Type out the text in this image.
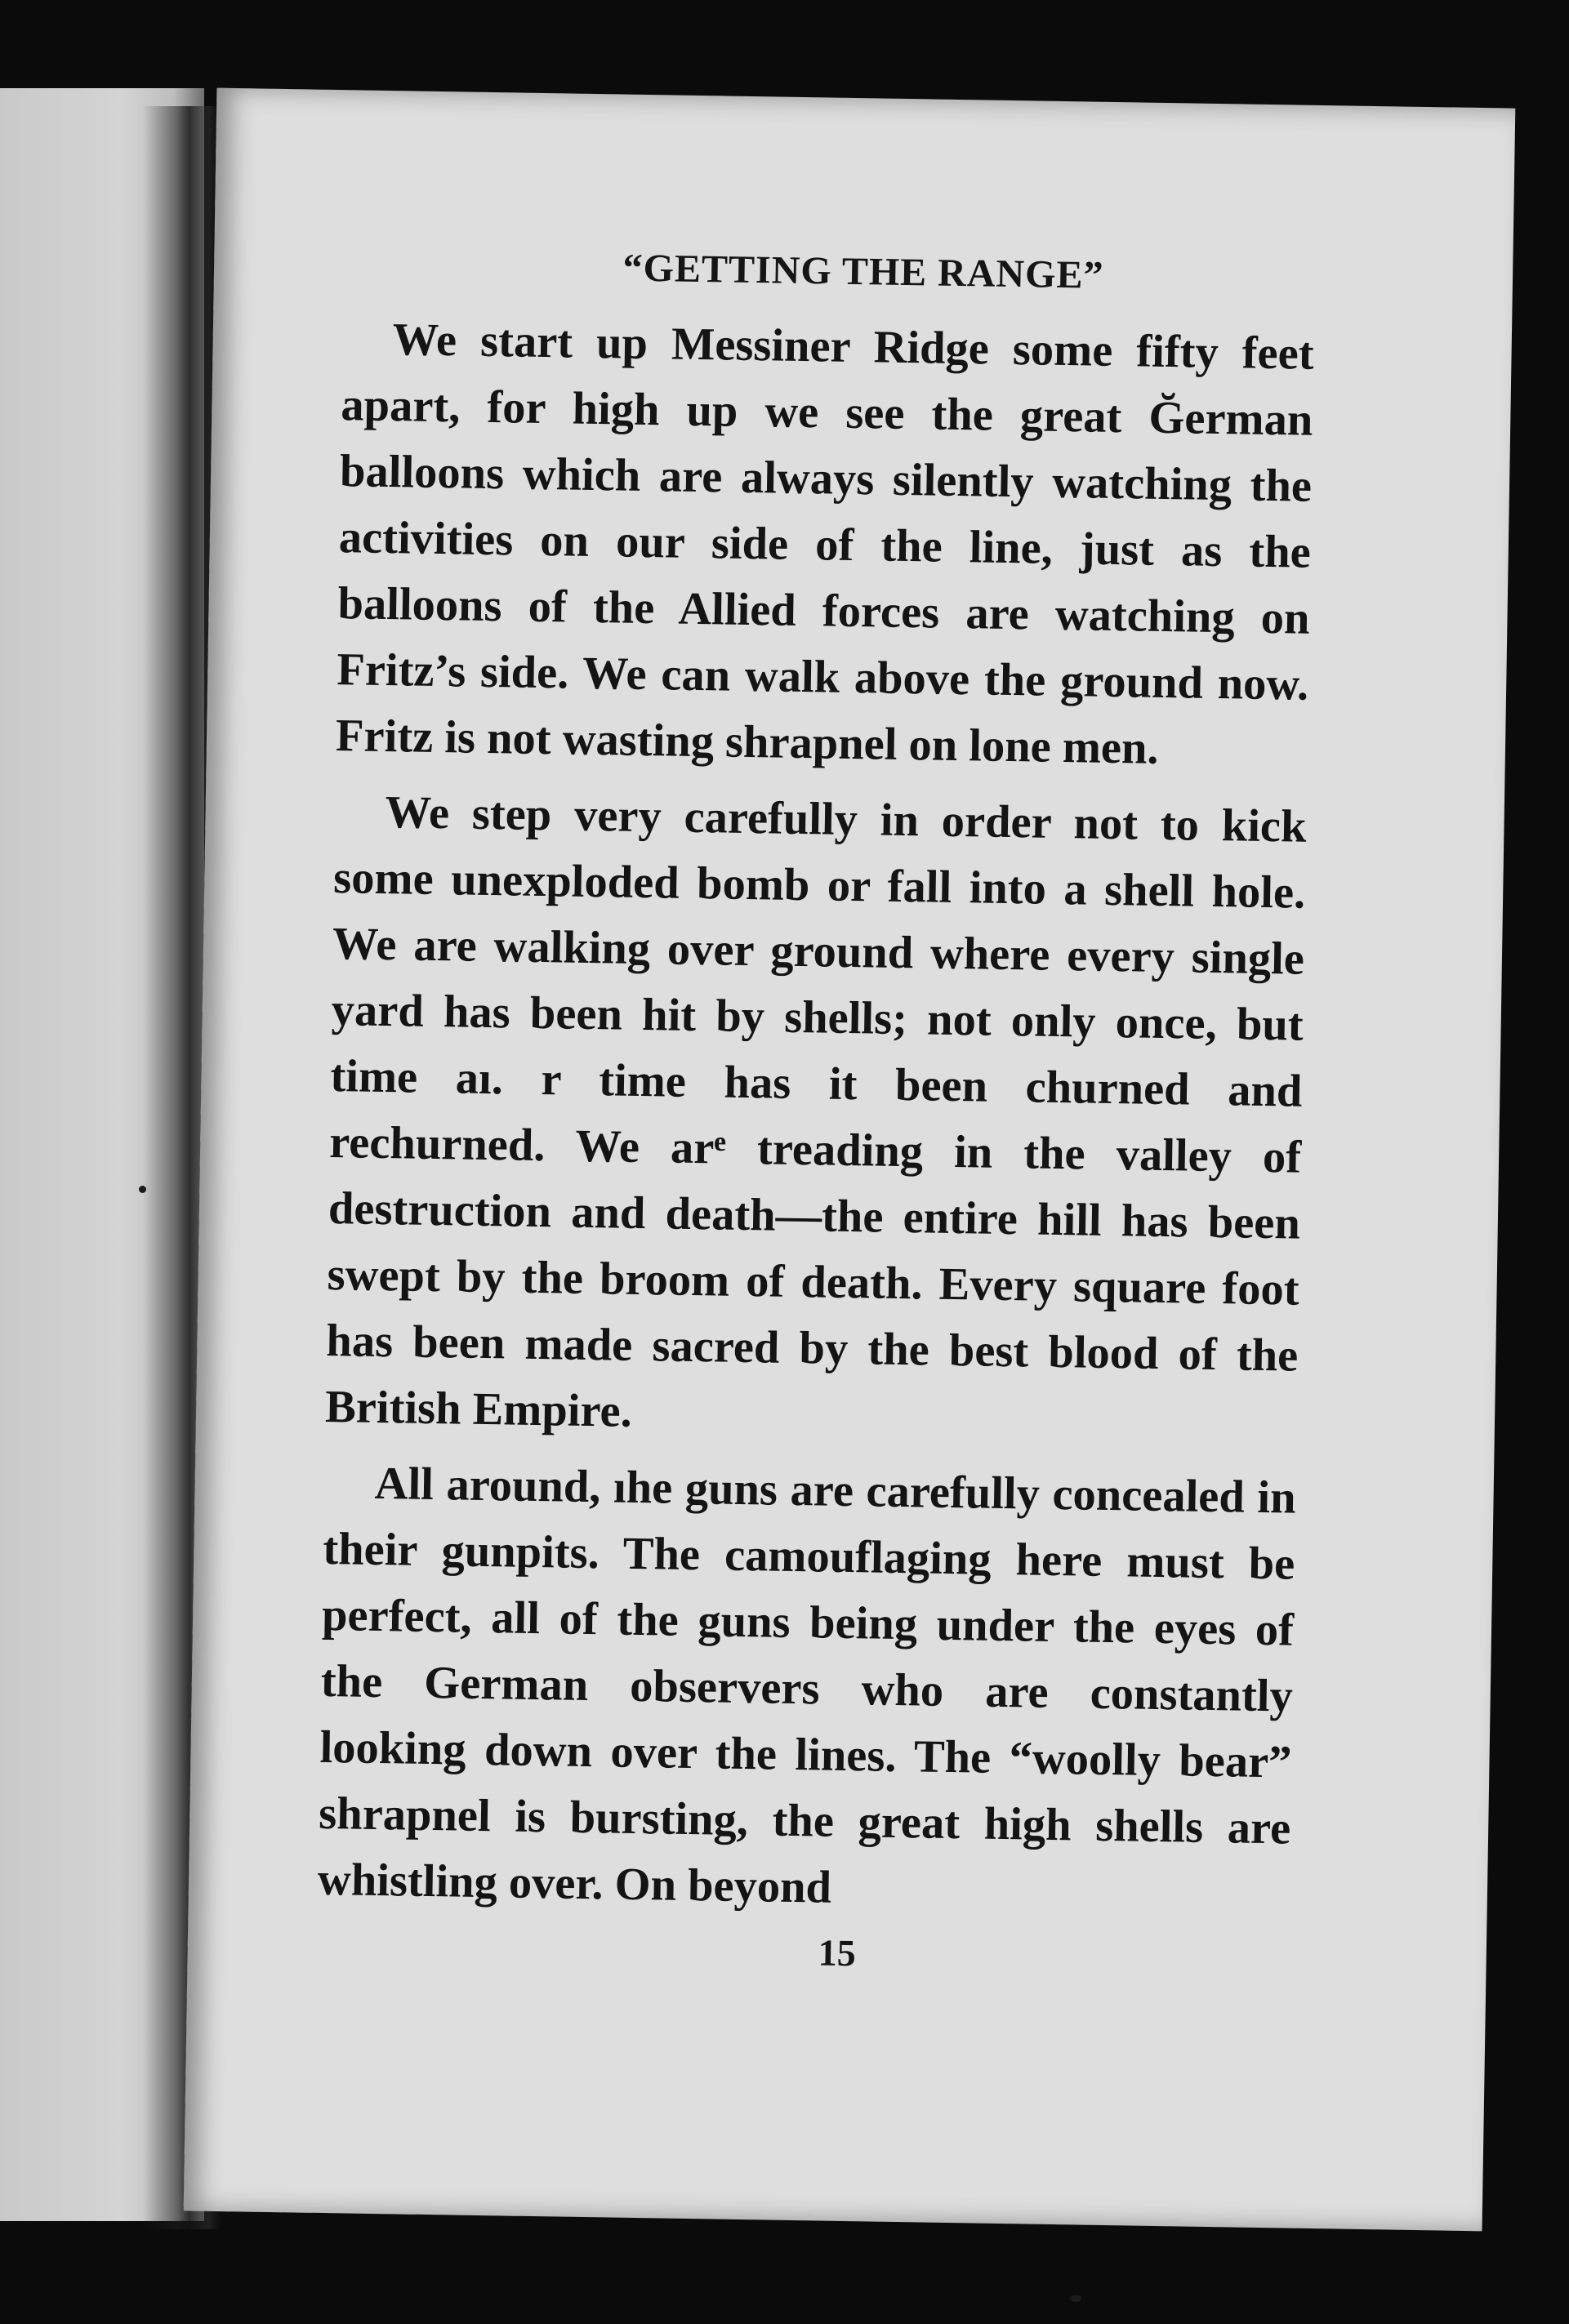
“GETTING THE RANGE”

We start up Messiner Ridge some fifty feet apart, for high up we see the great Ğerman balloons which are always silently watching the activities on our side of the line, just as the balloons of the Allied forces are watching on Fritz’s side. We can walk above the ground now. Fritz is not wasting shrapnel on lone men.

We step very carefully in order not to kick some unexploded bomb or fall into a shell hole. We are walking over ground where every single yard has been hit by shells; not only once, but time aı. r time has it been churned and rechurned. We arͤ treading in the valley of destruction and death—the entire hill has been swept by the broom of death. Every square foot has been made sacred by the best blood of the British Empire.

All around, ıhe guns are carefully concealed in their gunpits. The camouflaging here must be perfect, all of the guns being under the eyes of the German observers who are constantly looking down over the lines. The “woolly bear” shrapnel is bursting, the great high shells are whistling over. On beyond

15
